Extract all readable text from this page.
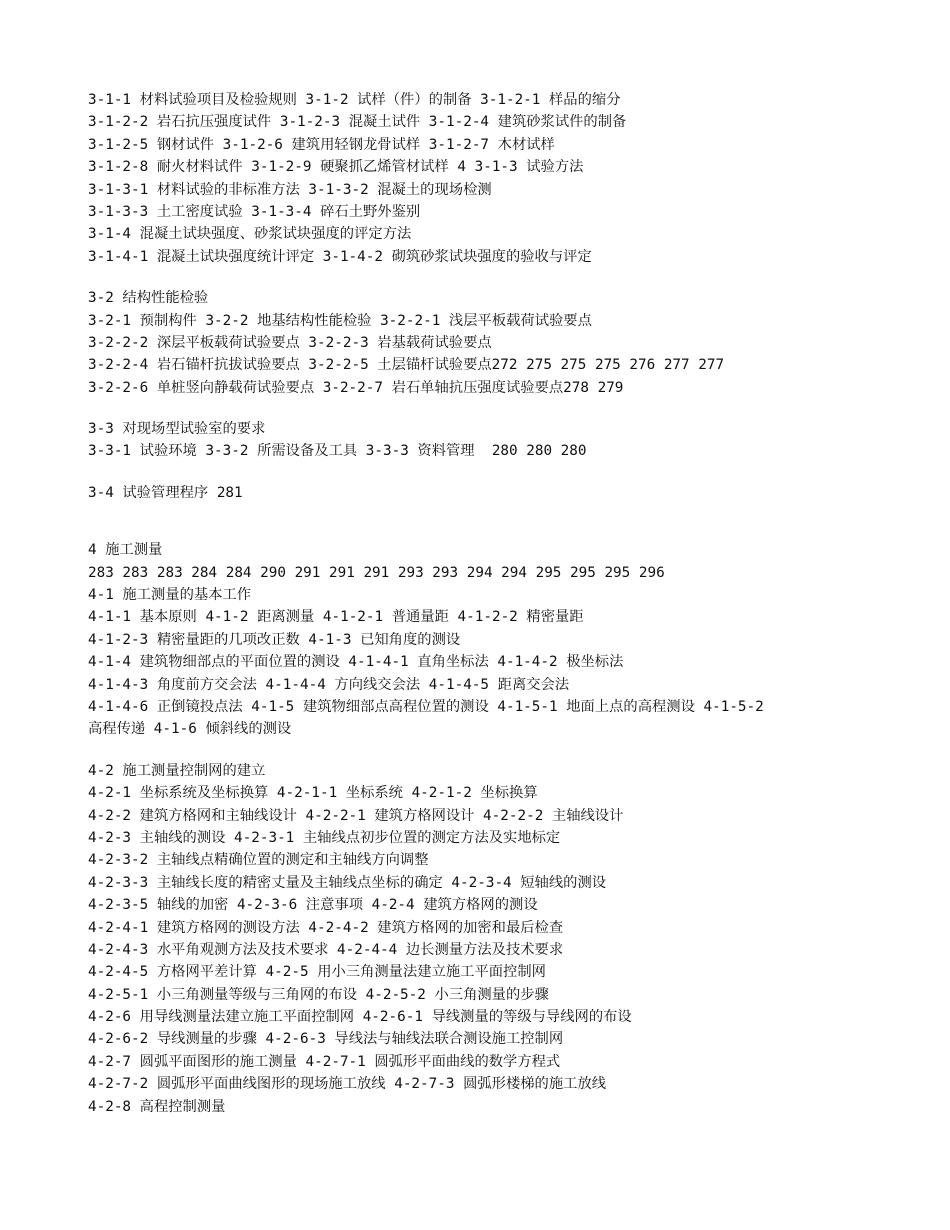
3-1-1 材料试验项目及检验规则 3-1-2 试样（件）的制备 3-1-2-1 样品的缩分
3-1-2-2 岩石抗压强度试件 3-1-2-3 混凝土试件 3-1-2-4 建筑砂浆试件的制备
3-1-2-5 钢材试件 3-1-2-6 建筑用轻钢龙骨试样 3-1-2-7 木材试样
3-1-2-8 耐火材料试件 3-1-2-9 硬聚抓乙烯管材试样 4 3-1-3 试验方法
3-1-3-1 材料试验的非标准方法 3-1-3-2 混凝土的现场检测
3-1-3-3 土工密度试验 3-1-3-4 碎石土野外鉴别
3-1-4 混凝土试块强度、砂浆试块强度的评定方法
3-1-4-1 混凝土试块强度统计评定 3-1-4-2 砌筑砂浆试块强度的验收与评定
3-2 结构性能检验
3-2-1 预制构件 3-2-2 地基结构性能检验 3-2-2-1 浅层平板载荷试验要点
3-2-2-2 深层平板载荷试验要点 3-2-2-3 岩基载荷试验要点
3-2-2-4 岩石锚杆抗拔试验要点 3-2-2-5 土层锚杆试验要点272 275 275 275 276 277 277
3-2-2-6 单桩竖向静载荷试验要点 3-2-2-7 岩石单轴抗压强度试验要点278 279
3-3 对现场型试验室的要求
3-3-1 试验环境 3-3-2 所需设备及工具 3-3-3 资料管理  280 280 280
3-4 试验管理程序 281
4 施工测量
283 283 283 284 284 290 291 291 291 293 293 294 294 295 295 295 296
4-1 施工测量的基本工作
4-1-1 基本原则 4-1-2 距离测量 4-1-2-1 普通量距 4-1-2-2 精密量距
4-1-2-3 精密量距的几项改正数 4-1-3 已知角度的测设
4-1-4 建筑物细部点的平面位置的测设 4-1-4-1 直角坐标法 4-1-4-2 极坐标法
4-1-4-3 角度前方交会法 4-1-4-4 方向线交会法 4-1-4-5 距离交会法
4-1-4-6 正倒镜投点法 4-1-5 建筑物细部点高程位置的测设 4-1-5-1 地面上点的高程测设 4-1-5-2
高程传递 4-1-6 倾斜线的测设
4-2 施工测量控制网的建立
4-2-1 坐标系统及坐标换算 4-2-1-1 坐标系统 4-2-1-2 坐标换算
4-2-2 建筑方格网和主轴线设计 4-2-2-1 建筑方格网设计 4-2-2-2 主轴线设计
4-2-3 主轴线的测设 4-2-3-1 主轴线点初步位置的测定方法及实地标定
4-2-3-2 主轴线点精确位置的测定和主轴线方向调整
4-2-3-3 主轴线长度的精密丈量及主轴线点坐标的确定 4-2-3-4 短轴线的测设
4-2-3-5 轴线的加密 4-2-3-6 注意事项 4-2-4 建筑方格网的测设
4-2-4-1 建筑方格网的测设方法 4-2-4-2 建筑方格网的加密和最后检查
4-2-4-3 水平角观测方法及技术要求 4-2-4-4 边长测量方法及技术要求
4-2-4-5 方格网平差计算 4-2-5 用小三角测量法建立施工平面控制网
4-2-5-1 小三角测量等级与三角网的布设 4-2-5-2 小三角测量的步骤
4-2-6 用导线测量法建立施工平面控制网 4-2-6-1 导线测量的等级与导线网的布设
4-2-6-2 导线测量的步骤 4-2-6-3 导线法与轴线法联合测设施工控制网
4-2-7 圆弧平面图形的施工测量 4-2-7-1 圆弧形平面曲线的数学方程式
4-2-7-2 圆弧形平面曲线图形的现场施工放线 4-2-7-3 圆弧形楼梯的施工放线
4-2-8 高程控制测量
